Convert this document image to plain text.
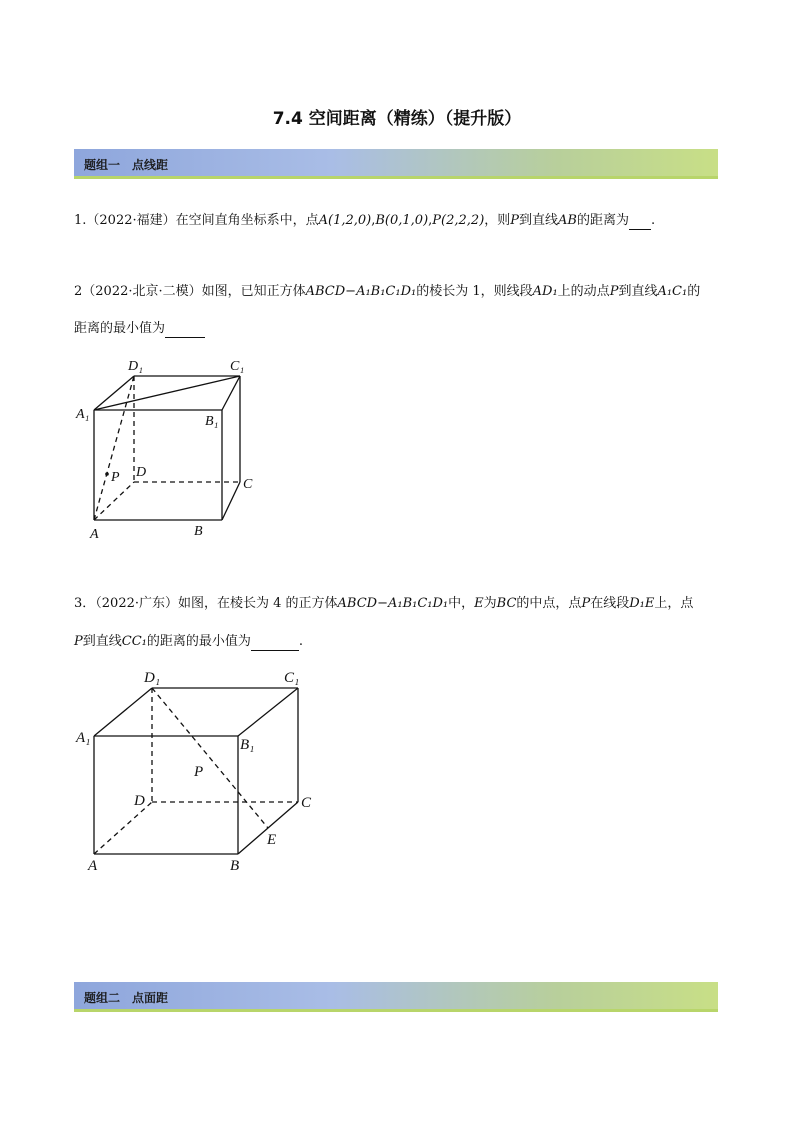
7.4 空间距离（精练）（提升版）
题组一　点线距
1.（2022·福建）在空间直角坐标系中，点A(1,2,0),B(0,1,0),P(2,2,2)，则P到直线AB的距离为 .
2（2022·北京·二模）如图，已知正方体ABCD−A₁B₁C₁D₁的棱长为 1，则线段AD₁上的动点P到直线A₁C₁的
距离的最小值为
D₁	C₁
A₁	B₁
P D
C
A	B
3．（2022·广东）如图，在棱长为 4 的正方体ABCD−A₁B₁C₁D₁中，E为BC的中点，点P在线段D₁E上，点
P到直线CC₁的距离的最小值为	.
D₁	C₁
A₁	B₁
P
D	C
E
A	B
题组二　点面距
